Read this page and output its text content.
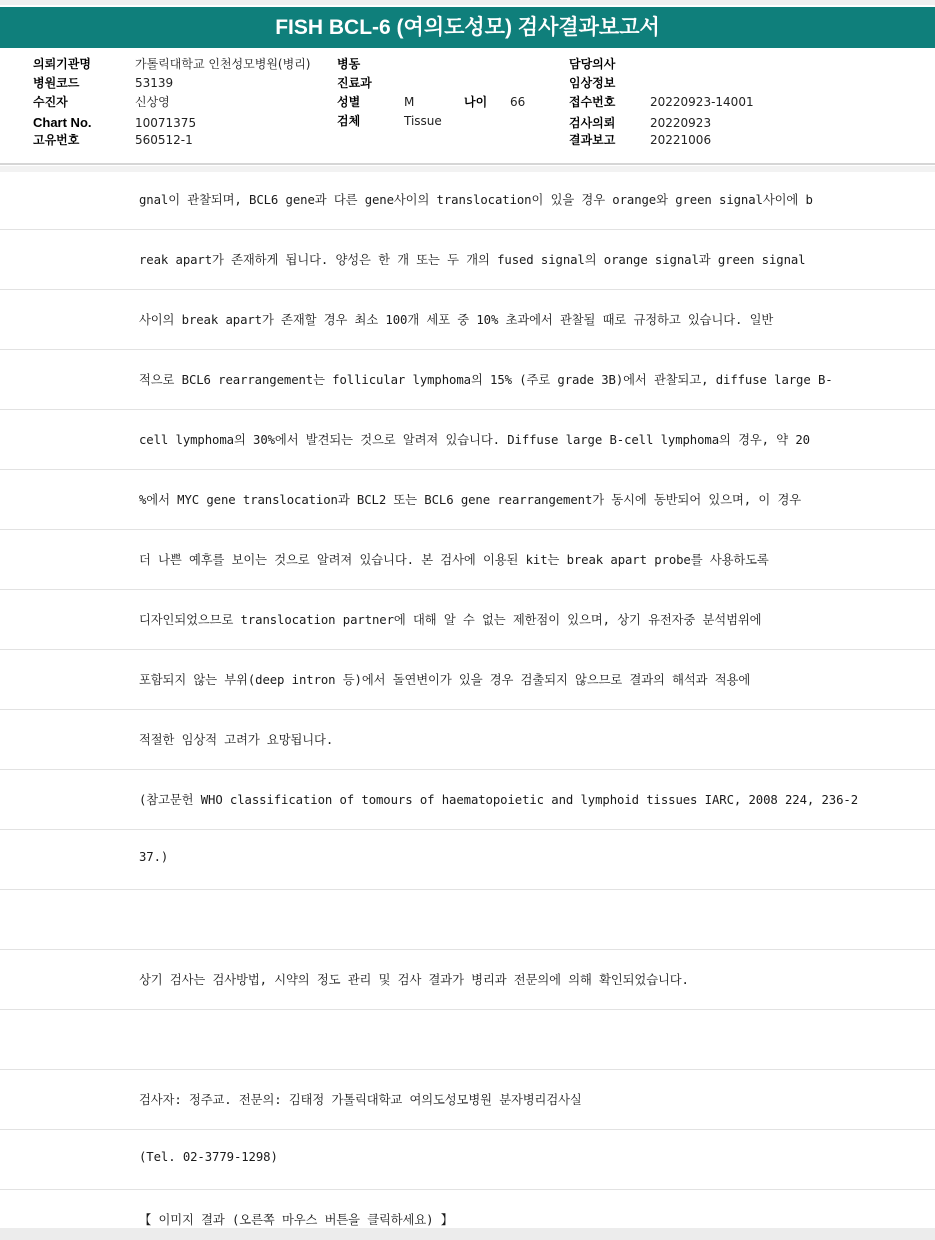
FISH BCL-6 (여의도성모) 검사결과보고서
의뢰기관명	가톨릭대학교 인천성모병원(병리)
병원코드	53139
수진자	신상영
Chart No.	10071375
고유번호	560512-1
병동
진료과
성별	M	나이 66
검체	Tissue
담당의사
임상정보
접수번호	20220923-14001
검사의뢰	20220923
결과보고	20221006
gnal이 관찰되며, BCL6 gene과 다른 gene사이의 translocation이 있을 경우 orange와 green signal사이에 b
reak apart가 존재하게 됩니다. 양성은 한 개 또는 두 개의 fused signal의 orange signal과 green signal
사이의 break apart가 존재할 경우 최소 100개 세포 중 10% 초과에서 관찰될 때로 규정하고 있습니다. 일반
적으로 BCL6 rearrangement는 follicular lymphoma의 15% (주로 grade 3B)에서 관찰되고, diffuse large B-
cell lymphoma의 30%에서 발견되는 것으로 알려져 있습니다. Diffuse large B-cell lymphoma의 경우, 약 20
%에서 MYC gene translocation과 BCL2 또는 BCL6 gene rearrangement가 동시에 동반되어 있으며, 이 경우
더 나쁜 예후를 보이는 것으로 알려져 있습니다. 본 검사에 이용된 kit는 break apart probe를 사용하도록
디자인되었으므로 translocation partner에 대해 알 수 없는 제한점이 있으며, 상기 유전자중 분석범위에
포함되지 않는 부위(deep intron 등)에서 돌연변이가 있을 경우 검출되지 않으므로 결과의 해석과 적용에
적절한 임상적 고려가 요망됩니다.
(참고문헌 WHO classification of tomours of haematopoietic and lymphoid tissues IARC, 2008 224, 236-2
37.)
상기 검사는 검사방법, 시약의 정도 관리 및 검사 결과가 병리과 전문의에 의해 확인되었습니다.
검사자: 정주교. 전문의: 김태정 가톨릭대학교 여의도성모병원 분자병리검사실
(Tel. 02-3779-1298)
【 이미지 결과 (오른쪽 마우스 버튼을 클릭하세요) 】
